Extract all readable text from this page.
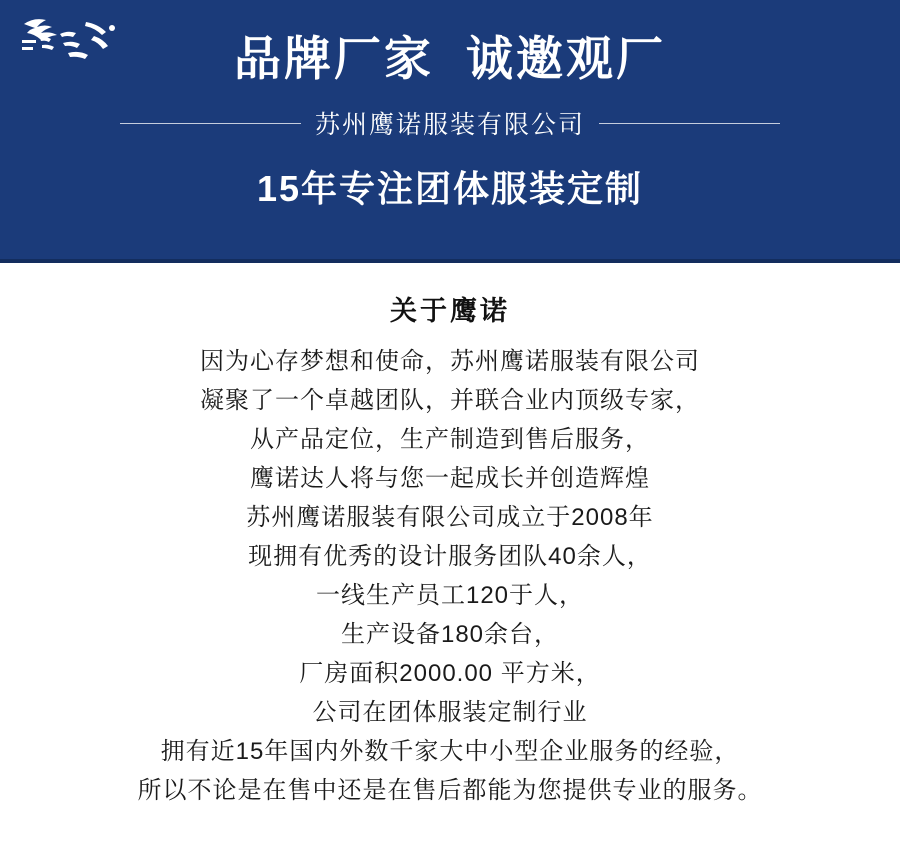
品牌厂家  诚邀观厂
苏州鹰诺服装有限公司
15年专注团体服装定制
关于鹰诺
因为心存梦想和使命，苏州鹰诺服装有限公司
凝聚了一个卓越团队，并联合业内顶级专家，
从产品定位，生产制造到售后服务，
鹰诺达人将与您一起成长并创造辉煌
苏州鹰诺服装有限公司成立于2008年
现拥有优秀的设计服务团队40余人，
一线生产员工120于人，
生产设备180余台，
厂房面积2000.00 平方米，
公司在团体服装定制行业
拥有近15年国内外数千家大中小型企业服务的经验，
所以不论是在售中还是在售后都能为您提供专业的服务。
